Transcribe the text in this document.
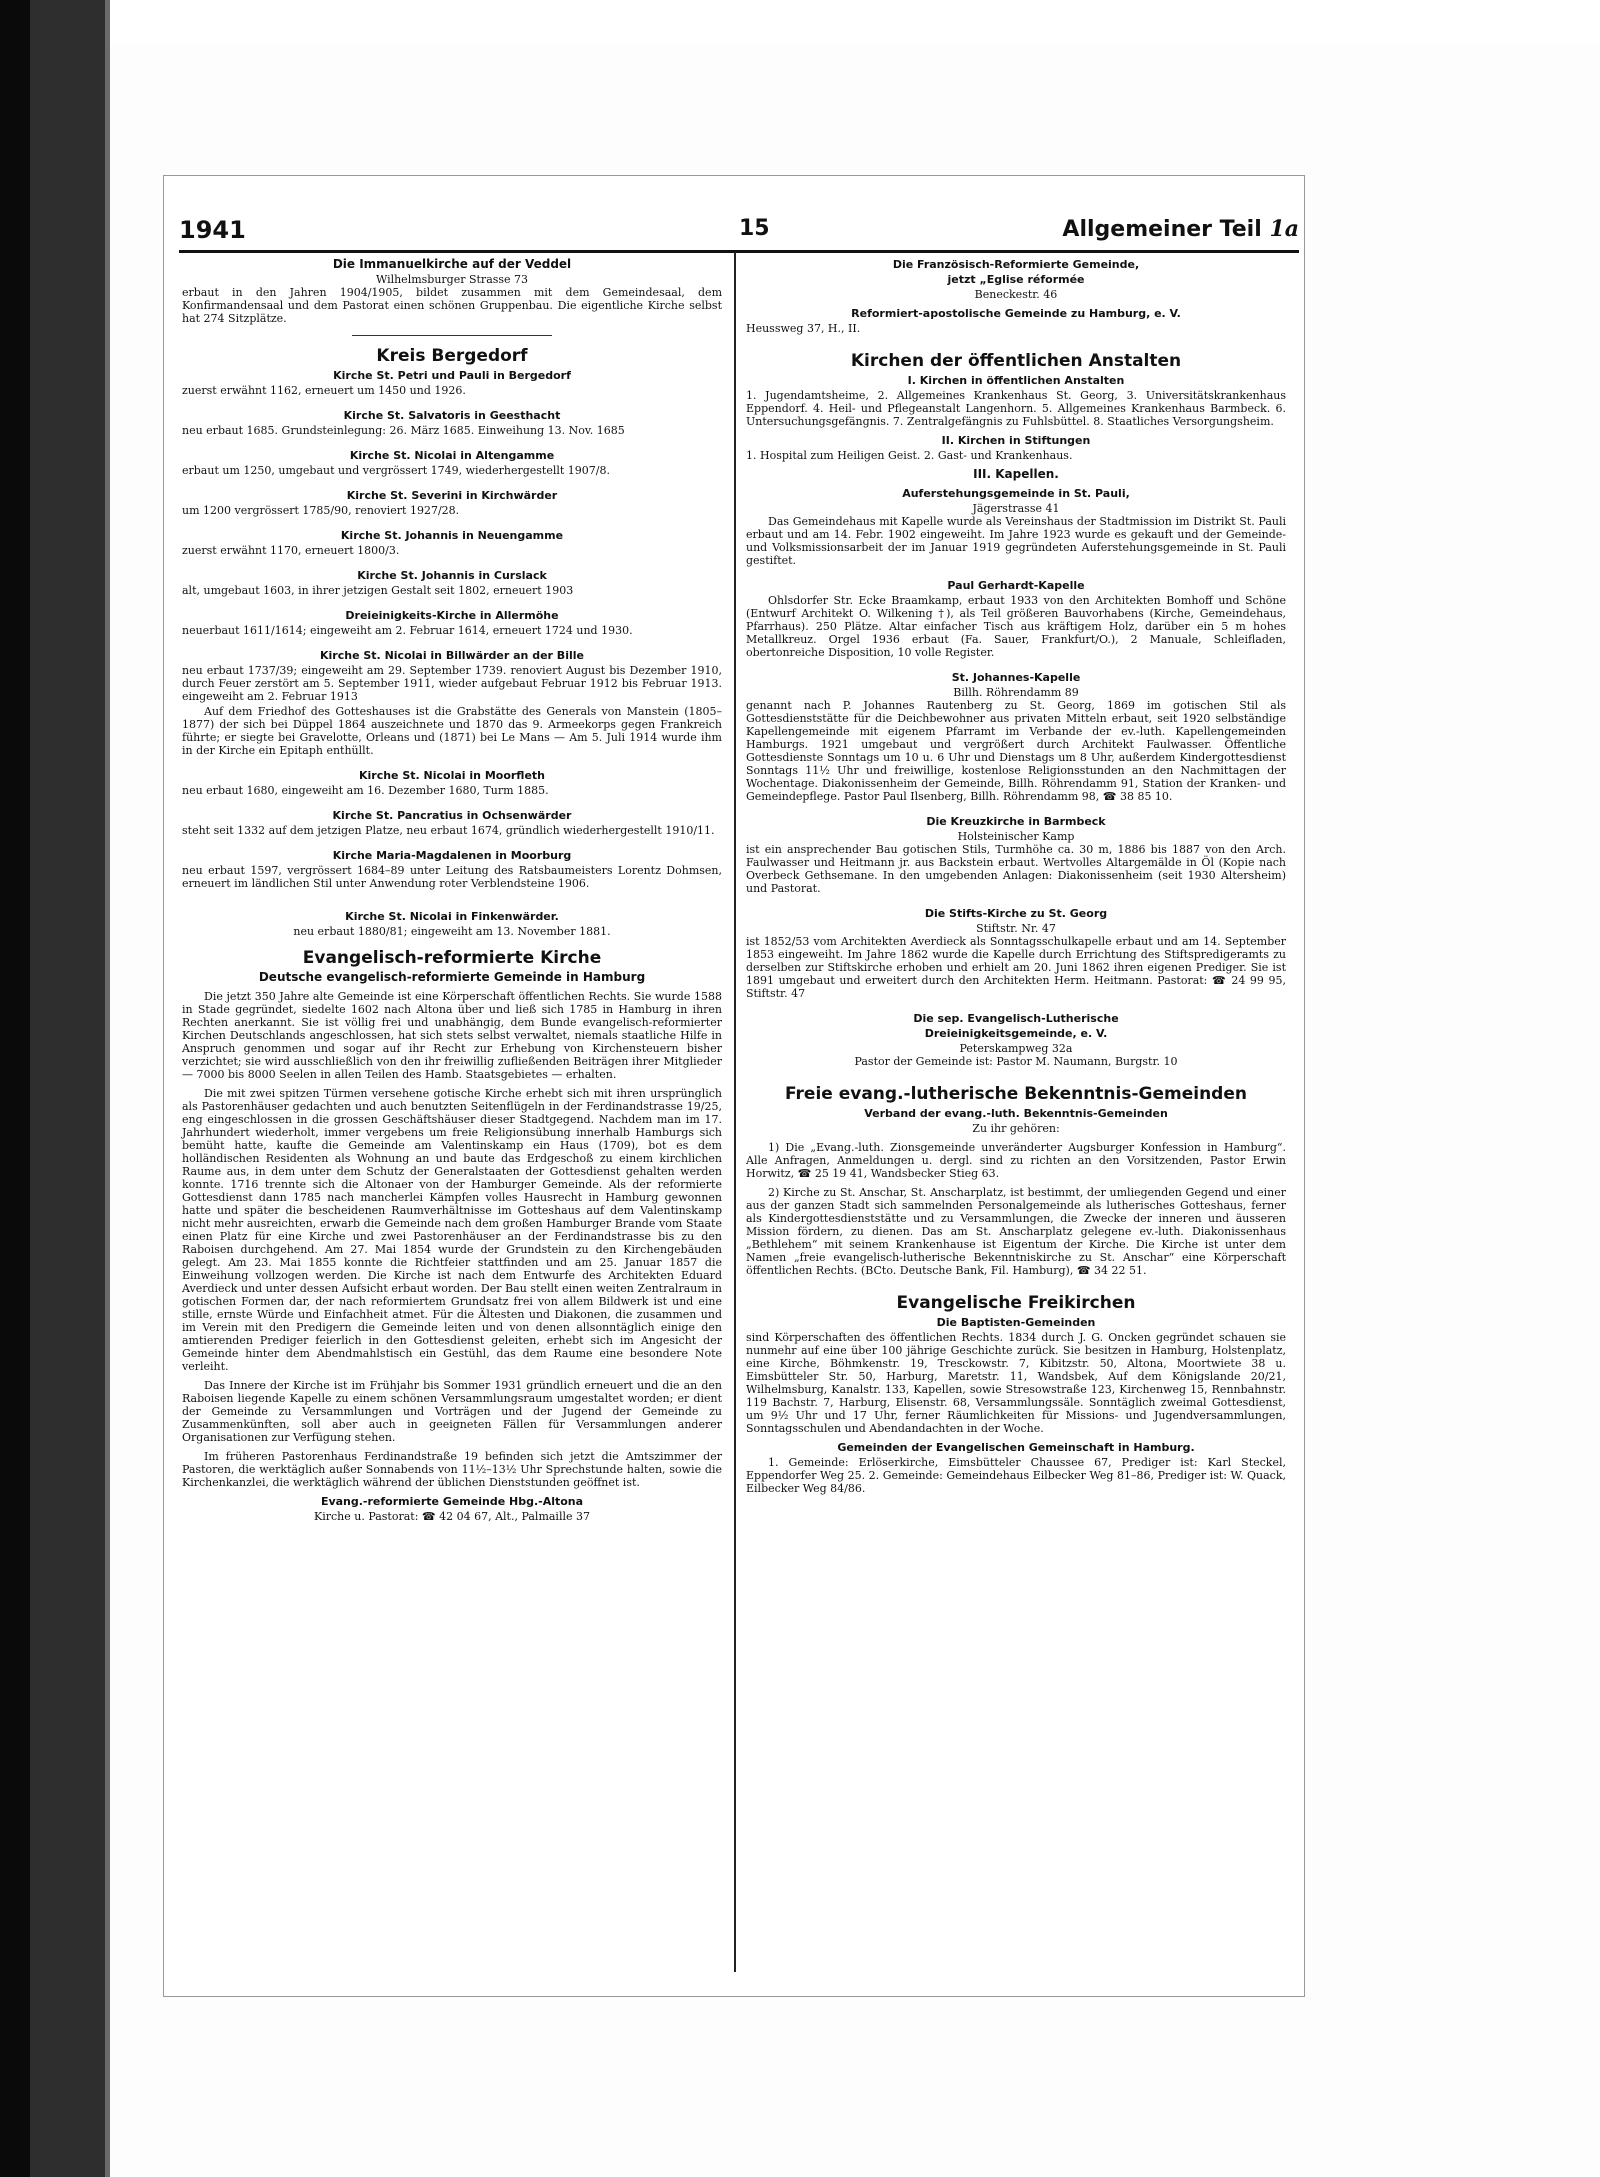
1941	15	Allgemeiner Teil 1a
Die Immanuelkirche auf der Veddel
Wilhelmsburger Strasse 73
erbaut in den Jahren 1904/1905, bildet zusammen mit dem Gemeindesaal, dem Konfirmandensaal und dem Pastorat einen schönen Gruppenbau. Die eigentliche Kirche selbst hat 274 Sitzplätze.
Kreis Bergedorf
Kirche St. Petri und Pauli in Bergedorf
zuerst erwähnt 1162, erneuert um 1450 und 1926.
Kirche St. Salvatoris in Geesthacht
neu erbaut 1685. Grundsteinlegung: 26. März 1685. Einweihung 13. Nov. 1685
Kirche St. Nicolai in Altengamme
erbaut um 1250, umgebaut und vergrössert 1749, wiederhergestellt 1907/8.
Kirche St. Severini in Kirchwärder
um 1200 vergrössert 1785/90, renoviert 1927/28.
Kirche St. Johannis in Neuengamme
zuerst erwähnt 1170, erneuert 1800/3.
Kirche St. Johannis in Curslack
alt, umgebaut 1603, in ihrer jetzigen Gestalt seit 1802, erneuert 1903
Dreieinigkeits-Kirche in Allermöhe
neuerbaut 1611/1614; eingeweiht am 2. Februar 1614, erneuert 1724 und 1930.
Kirche St. Nicolai in Billwärder an der Bille
neu erbaut 1737/39; eingeweiht am 29. September 1739. renoviert August bis Dezember 1910, durch Feuer zerstört am 5. September 1911, wieder aufgebaut Februar 1912 bis Februar 1913. eingeweiht am 2. Februar 1913
Auf dem Friedhof des Gotteshauses ist die Grabstätte des Generals von Manstein (1805–1877) der sich bei Düppel 1864 auszeichnete und 1870 das 9. Armeekorps gegen Frankreich führte; er siegte bei Gravelotte, Orleans und (1871) bei Le Mans — Am 5. Juli 1914 wurde ihm in der Kirche ein Epitaph enthüllt.
Kirche St. Nicolai in Moorfleth
neu erbaut 1680, eingeweiht am 16. Dezember 1680, Turm 1885.
Kirche St. Pancratius in Ochsenwärder
steht seit 1332 auf dem jetzigen Platze, neu erbaut 1674, gründlich wiederhergestellt 1910/11.
Kirche Maria-Magdalenen in Moorburg
neu erbaut 1597, vergrössert 1684–89 unter Leitung des Ratsbaumeisters Lorentz Dohmsen, erneuert im ländlichen Stil unter Anwendung roter Verblendsteine 1906.
Kirche St. Nicolai in Finkenwärder.
neu erbaut 1880/81; eingeweiht am 13. November 1881.
Evangelisch-reformierte Kirche
Deutsche evangelisch-reformierte Gemeinde in Hamburg
Die jetzt 350 Jahre alte Gemeinde ist eine Körperschaft öffentlichen Rechts. Sie wurde 1588 in Stade gegründet, siedelte 1602 nach Altona über und ließ sich 1785 in Hamburg in ihren Rechten anerkannt. Sie ist völlig frei und unabhängig, dem Bunde evangelisch-reformierter Kirchen Deutschlands angeschlossen, hat sich stets selbst verwaltet, niemals staatliche Hilfe in Anspruch genommen und sogar auf ihr Recht zur Erhebung von Kirchensteuern bisher verzichtet; sie wird ausschließlich von den ihr freiwillig zufließenden Beiträgen ihrer Mitglieder — 7000 bis 8000 Seelen in allen Teilen des Hamb. Staatsgebietes — erhalten.
Die mit zwei spitzen Türmen versehene gotische Kirche erhebt sich mit ihren ursprünglich als Pastorenhäuser gedachten und auch benutzten Seitenflügeln in der Ferdinandstrasse 19/25, eng eingeschlossen in die grossen Geschäftshäuser dieser Stadtgegend. Nachdem man im 17. Jahrhundert wiederholt, immer vergebens um freie Religionsübung innerhalb Hamburgs sich bemüht hatte, kaufte die Gemeinde am Valentinskamp ein Haus (1709), bot es dem holländischen Residenten als Wohnung an und baute das Erdgeschoß zu einem kirchlichen Raume aus, in dem unter dem Schutz der Generalstaaten der Gottesdienst gehalten werden konnte. 1716 trennte sich die Altonaer von der Hamburger Gemeinde. Als der reformierte Gottesdienst dann 1785 nach mancherlei Kämpfen volles Hausrecht in Hamburg gewonnen hatte und später die bescheidenen Raumverhältnisse im Gotteshaus auf dem Valentinskamp nicht mehr ausreichten, erwarb die Gemeinde nach dem großen Hamburger Brande vom Staate einen Platz für eine Kirche und zwei Pastorenhäuser an der Ferdinandstrasse bis zu den Raboisen durchgehend. Am 27. Mai 1854 wurde der Grundstein zu den Kirchengebäuden gelegt. Am 23. Mai 1855 konnte die Richtfeier stattfinden und am 25. Januar 1857 die Einweihung vollzogen werden. Die Kirche ist nach dem Entwurfe des Architekten Eduard Averdieck und unter dessen Aufsicht erbaut worden. Der Bau stellt einen weiten Zentralraum in gotischen Formen dar, der nach reformiertem Grundsatz frei von allem Bildwerk ist und eine stille, ernste Würde und Einfachheit atmet. Für die Ältesten und Diakonen, die zusammen und im Verein mit den Predigern die Gemeinde leiten und von denen allsonntäglich einige den amtierenden Prediger feierlich in den Gottesdienst geleiten, erhebt sich im Angesicht der Gemeinde hinter dem Abendmahlstisch ein Gestühl, das dem Raume eine besondere Note verleiht.
Das Innere der Kirche ist im Frühjahr bis Sommer 1931 gründlich erneuert und die an den Raboisen liegende Kapelle zu einem schönen Versammlungsraum umgestaltet worden; er dient der Gemeinde zu Versammlungen und Vorträgen und der Jugend der Gemeinde zu Zusammenkünften, soll aber auch in geeigneten Fällen für Versammlungen anderer Organisationen zur Verfügung stehen.
Im früheren Pastorenhaus Ferdinandstraße 19 befinden sich jetzt die Amtszimmer der Pastoren, die werktäglich außer Sonnabends von 11½–13½ Uhr Sprechstunde halten, sowie die Kirchenkanzlei, die werktäglich während der üblichen Dienststunden geöffnet ist.
Evang.-reformierte Gemeinde Hbg.-Altona
Kirche u. Pastorat: ☎ 42 04 67, Alt., Palmaille 37
Die Französisch-Reformierte Gemeinde,
jetzt „Eglise réformée
Beneckestr. 46
Reformiert-apostolische Gemeinde zu Hamburg, e. V.
Heussweg 37, H., II.
Kirchen der öffentlichen Anstalten
I. Kirchen in öffentlichen Anstalten
1. Jugendamtsheime, 2. Allgemeines Krankenhaus St. Georg, 3. Universitätskrankenhaus Eppendorf. 4. Heil- und Pflegeanstalt Langenhorn. 5. Allgemeines Krankenhaus Barmbeck. 6. Untersuchungsgefängnis. 7. Zentralgefängnis zu Fuhlsbüttel. 8. Staatliches Versorgungsheim.
II. Kirchen in Stiftungen
1. Hospital zum Heiligen Geist. 2. Gast- und Krankenhaus.
III. Kapellen.
Auferstehungsgemeinde in St. Pauli,
Jägerstrasse 41
Das Gemeindehaus mit Kapelle wurde als Vereinshaus der Stadtmission im Distrikt St. Pauli erbaut und am 14. Febr. 1902 eingeweiht. Im Jahre 1923 wurde es gekauft und der Gemeinde- und Volksmissionsarbeit der im Januar 1919 gegründeten Auferstehungsgemeinde in St. Pauli gestiftet.
Paul Gerhardt-Kapelle
Ohlsdorfer Str. Ecke Braamkamp, erbaut 1933 von den Architekten Bomhoff und Schöne (Entwurf Architekt O. Wilkening †), als Teil größeren Bauvorhabens (Kirche, Gemeindehaus, Pfarrhaus). 250 Plätze. Altar einfacher Tisch aus kräftigem Holz, darüber ein 5 m hohes Metallkreuz. Orgel 1936 erbaut (Fa. Sauer, Frankfurt/O.), 2 Manuale, Schleifladen, obertonreiche Disposition, 10 volle Register.
St. Johannes-Kapelle
Billh. Röhrendamm 89
genannt nach P. Johannes Rautenberg zu St. Georg, 1869 im gotischen Stil als Gottesdienststätte für die Deichbewohner aus privaten Mitteln erbaut, seit 1920 selbständige Kapellengemeinde mit eigenem Pfarramt im Verbande der ev.-luth. Kapellengemeinden Hamburgs. 1921 umgebaut und vergrößert durch Architekt Faulwasser. Öffentliche Gottesdienste Sonntags um 10 u. 6 Uhr und Dienstags um 8 Uhr, außerdem Kindergottesdienst Sonntags 11½ Uhr und freiwillige, kostenlose Religionsstunden an den Nachmittagen der Wochentage. Diakonissenheim der Gemeinde, Billh. Röhrendamm 91, Station der Kranken- und Gemeindepflege. Pastor Paul Ilsenberg, Billh. Röhrendamm 98, ☎ 38 85 10.
Die Kreuzkirche in Barmbeck
Holsteinischer Kamp
ist ein ansprechender Bau gotischen Stils, Turmhöhe ca. 30 m, 1886 bis 1887 von den Arch. Faulwasser und Heitmann jr. aus Backstein erbaut. Wertvolles Altargemälde in Öl (Kopie nach Overbeck Gethsemane. In den umgebenden Anlagen: Diakonissenheim (seit 1930 Altersheim) und Pastorat.
Die Stifts-Kirche zu St. Georg
Stiftstr. Nr. 47
ist 1852/53 vom Architekten Averdieck als Sonntagsschulkapelle erbaut und am 14. September 1853 eingeweiht. Im Jahre 1862 wurde die Kapelle durch Errichtung des Stiftspredigeramts zu derselben zur Stiftskirche erhoben und erhielt am 20. Juni 1862 ihren eigenen Prediger. Sie ist 1891 umgebaut und erweitert durch den Architekten Herm. Heitmann. Pastorat: ☎ 24 99 95, Stiftstr. 47
Die sep. Evangelisch-Lutherische
Dreieinigkeitsgemeinde, e. V.
Peterskampweg 32a
Pastor der Gemeinde ist: Pastor M. Naumann, Burgstr. 10
Freie evang.-lutherische Bekenntnis-Gemeinden
Verband der evang.-luth. Bekenntnis-Gemeinden
Zu ihr gehören:
1) Die „Evang.-luth. Zionsgemeinde unveränderter Augsburger Konfession in Hamburg“. Alle Anfragen, Anmeldungen u. dergl. sind zu richten an den Vorsitzenden, Pastor Erwin Horwitz, ☎ 25 19 41, Wandsbecker Stieg 63.
2) Kirche zu St. Anschar, St. Anscharplatz, ist bestimmt, der umliegenden Gegend und einer aus der ganzen Stadt sich sammelnden Personalgemeinde als lutherisches Gotteshaus, ferner als Kindergottesdienststätte und zu Versammlungen, die Zwecke der inneren und äusseren Mission fördern, zu dienen. Das am St. Anscharplatz gelegene ev.-luth. Diakonissenhaus „Bethlehem“ mit seinem Krankenhause ist Eigentum der Kirche. Die Kirche ist unter dem Namen „freie evangelisch-lutherische Bekenntniskirche zu St. Anschar“ eine Körperschaft öffentlichen Rechts. (BCto. Deutsche Bank, Fil. Hamburg), ☎ 34 22 51.
Evangelische Freikirchen
Die Baptisten-Gemeinden
sind Körperschaften des öffentlichen Rechts. 1834 durch J. G. Oncken gegründet schauen sie nunmehr auf eine über 100 jährige Geschichte zurück. Sie besitzen in Hamburg, Holstenplatz, eine Kirche, Böhmkenstr. 19, Tresckowstr. 7, Kibitzstr. 50, Altona, Moortwiete 38 u. Eimsbütteler Str. 50, Harburg, Maretstr. 11, Wandsbek, Auf dem Königslande 20/21, Wilhelmsburg, Kanalstr. 133, Kapellen, sowie Stresowstraße 123, Kirchenweg 15, Rennbahnstr. 119 Bachstr. 7, Harburg, Elisenstr. 68, Versammlungssäle. Sonntäglich zweimal Gottesdienst, um 9½ Uhr und 17 Uhr, ferner Räumlichkeiten für Missions- und Jugendversammlungen, Sonntagsschulen und Abendandachten in der Woche.
Gemeinden der Evangelischen Gemeinschaft in Hamburg.
1. Gemeinde: Erlöserkirche, Eimsbütteler Chaussee 67, Prediger ist: Karl Steckel, Eppendorfer Weg 25. 2. Gemeinde: Gemeindehaus Eilbecker Weg 81–86, Prediger ist: W. Quack, Eilbecker Weg 84/86.
